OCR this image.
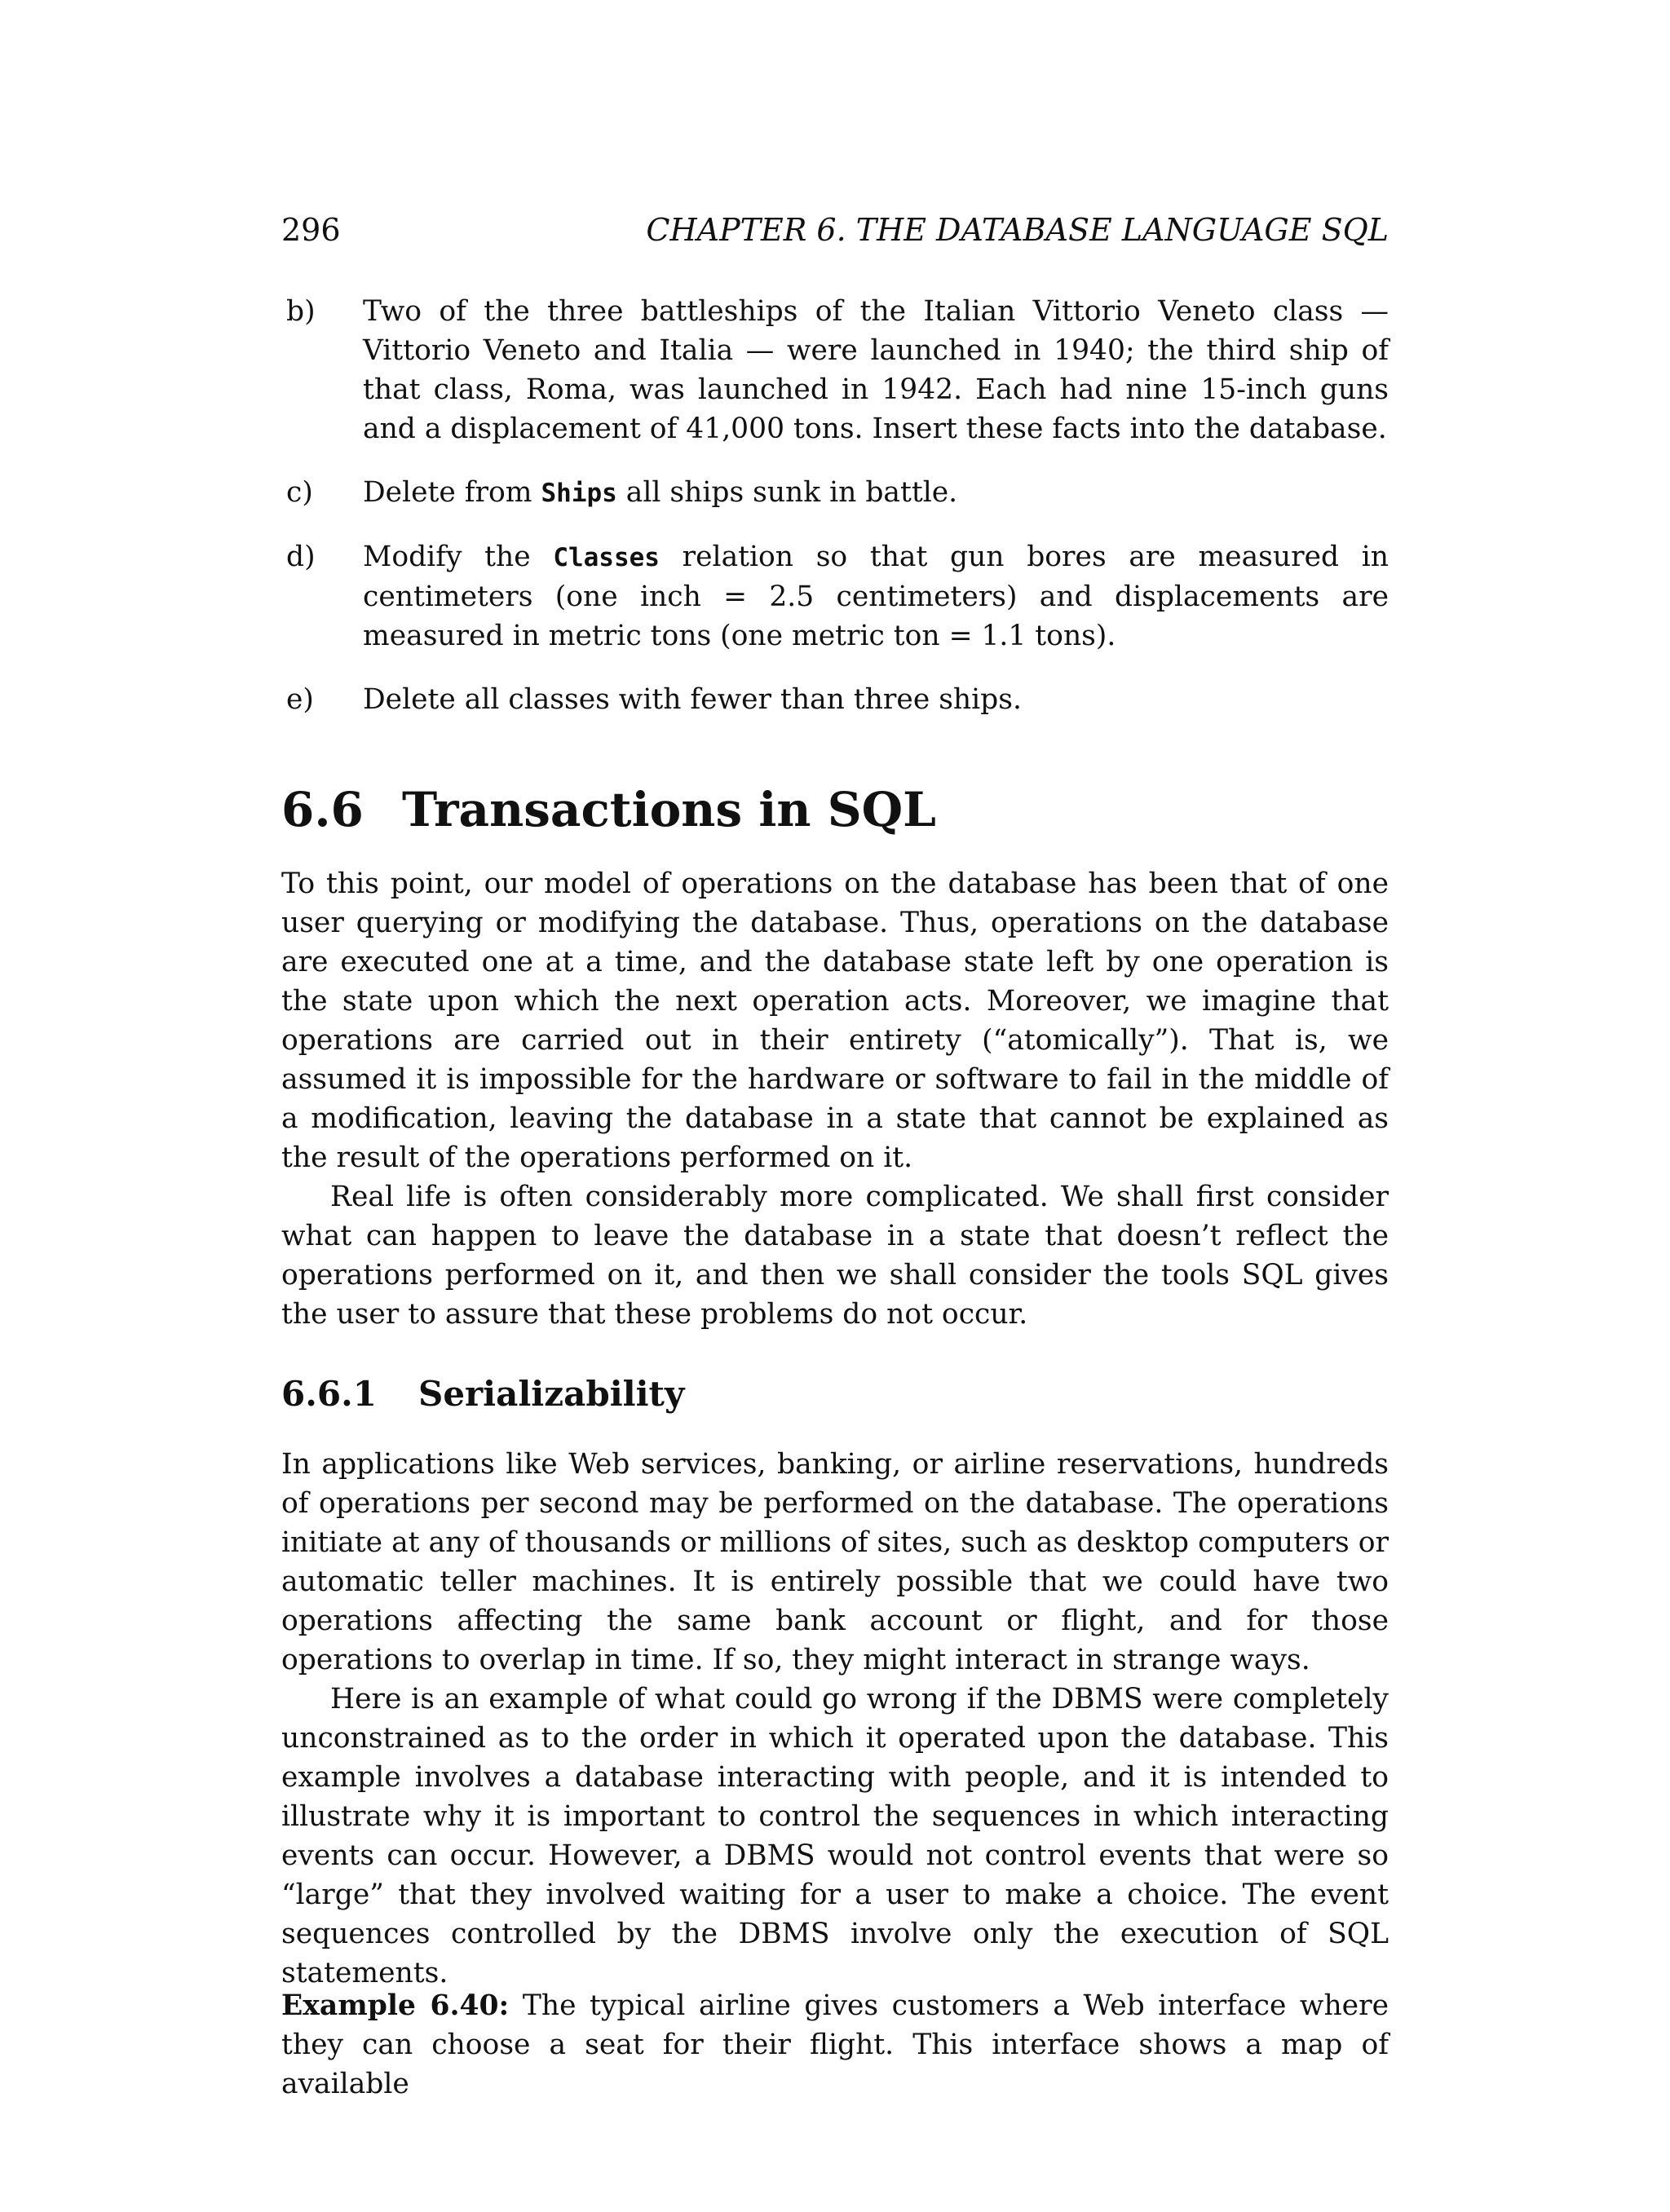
296	CHAPTER 6. THE DATABASE LANGUAGE SQL
b) Two of the three battleships of the Italian Vittorio Veneto class — Vittorio Veneto and Italia — were launched in 1940; the third ship of that class, Roma, was launched in 1942. Each had nine 15-inch guns and a displacement of 41,000 tons. Insert these facts into the database.
c) Delete from Ships all ships sunk in battle.
d) Modify the Classes relation so that gun bores are measured in centimeters (one inch = 2.5 centimeters) and displacements are measured in metric tons (one metric ton = 1.1 tons).
e) Delete all classes with fewer than three ships.
6.6 Transactions in SQL
To this point, our model of operations on the database has been that of one user querying or modifying the database. Thus, operations on the database are executed one at a time, and the database state left by one operation is the state upon which the next operation acts. Moreover, we imagine that operations are carried out in their entirety (“atomically”). That is, we assumed it is impossible for the hardware or software to fail in the middle of a modification, leaving the database in a state that cannot be explained as the result of the operations performed on it.
Real life is often considerably more complicated. We shall first consider what can happen to leave the database in a state that doesn’t reflect the operations performed on it, and then we shall consider the tools SQL gives the user to assure that these problems do not occur.
6.6.1 Serializability
In applications like Web services, banking, or airline reservations, hundreds of operations per second may be performed on the database. The operations initiate at any of thousands or millions of sites, such as desktop computers or automatic teller machines. It is entirely possible that we could have two operations affecting the same bank account or flight, and for those operations to overlap in time. If so, they might interact in strange ways.
Here is an example of what could go wrong if the DBMS were completely unconstrained as to the order in which it operated upon the database. This example involves a database interacting with people, and it is intended to illustrate why it is important to control the sequences in which interacting events can occur. However, a DBMS would not control events that were so “large” that they involved waiting for a user to make a choice. The event sequences controlled by the DBMS involve only the execution of SQL statements.
Example 6.40: The typical airline gives customers a Web interface where they can choose a seat for their flight. This interface shows a map of available
